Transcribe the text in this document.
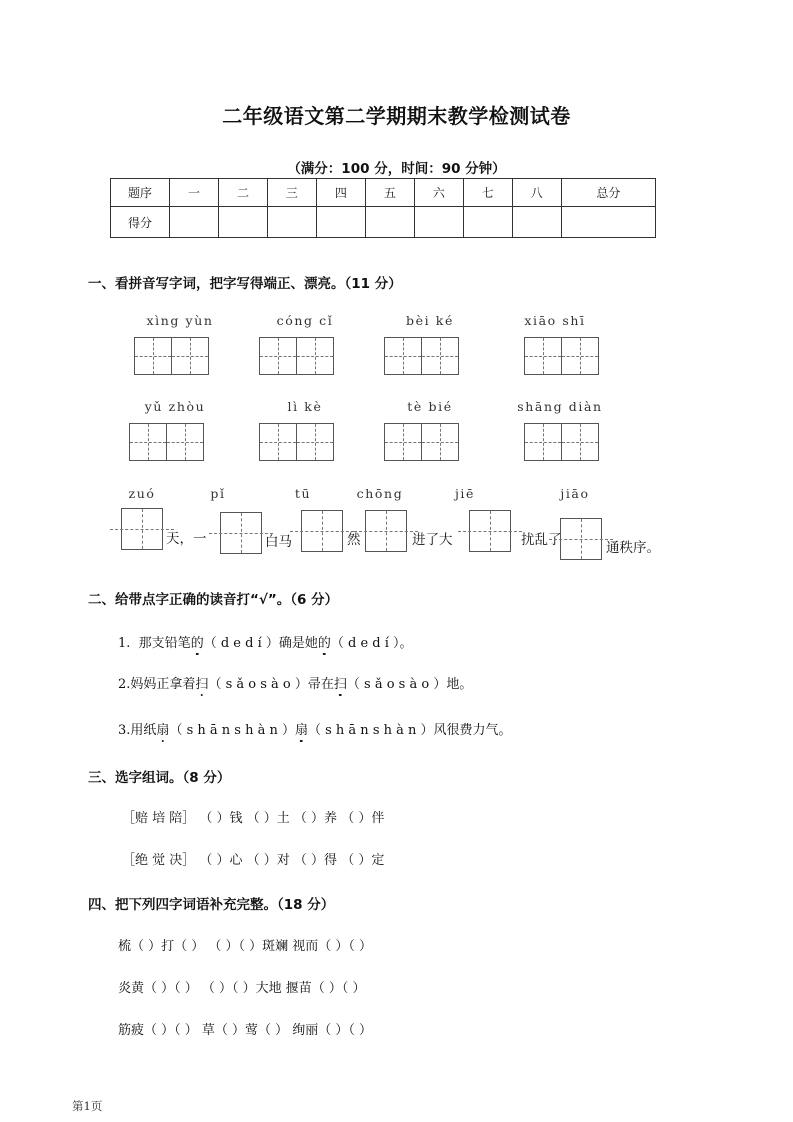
二年级语文第二学期期末教学检测试卷
（满分：100 分，时间：90 分钟）
题序	一	二	三	四	五	六	七	八	总分
得分									
一、看拼音写字词，把字写得端正、漂亮。（11 分）
xìng yùn	cóng cǐ	bèi ké	xiāo shī
yǔ zhòu	lì kè	tè bié	shāng diàn
zuó	pǐ	tū	chōng	jiē	jiāo
天，一	白马	然	进了大	扰乱了	通秩序。
二、给带点字正确的读音打“√”。（6 分）
1. 那支铅笔的（ d e d í ）确是她的（ d e d í ）。
2.妈妈正拿着扫（ s ǎ o s à o ）帚在扫（ s ǎ o s à o ）地。
3.用纸扇（ s h ā n s h à n ）扇（ s h ā n s h à n ）风很费力气。
三、选字组词。（8 分）
［赔 培 陪］ （ ）钱 （ ）土 （ ）养 （ ）伴
［绝 觉 决］ （ ）心 （ ）对 （ ）得 （ ）定
四、把下列四字词语补充完整。（18 分）
梳（ ）打（ ） （ ）（ ）斑斓 视而（ ）（ ）
炎黄（ ）（ ） （ ）（ ）大地 揠苗（ ）（ ）
筋疲（ ）（ ） 草（ ）莺（ ） 绚丽（ ）（ ）
第1页
